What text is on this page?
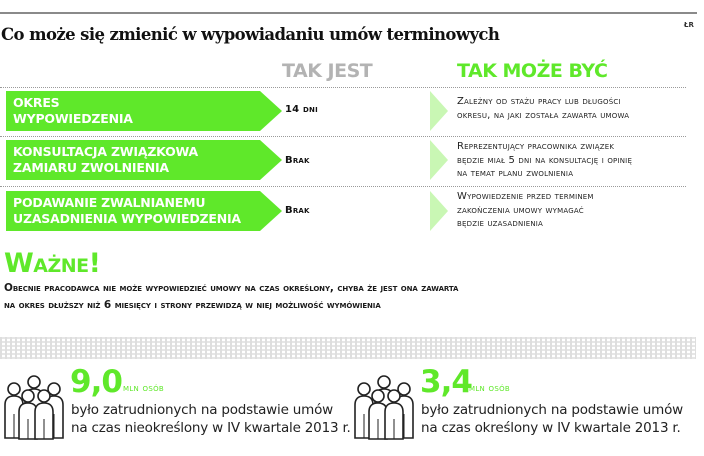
ŁR
Co może się zmienić w wypowiadaniu umów terminowych
TAK JEST	TAK MOŻE BYĆ
OKRES
WYPOWIEDZENIA
14 dni
Zależny od stażu pracy lub długości
okresu, na jaki została zawarta umowa
KONSULTACJA ZWIĄZKOWA
ZAMIARU ZWOLNIENIA	Brak
Reprezentujący pracownika związek
będzie miał 5 dni na konsultację i opinię
na temat planu zwolnienia
PODAWANIE ZWALNIANEMU
UZASADNIENIA WYPOWIEDZENIA
Brak
Wypowiedzenie przed terminem
zakończenia umowy wymagać
będzie uzasadnienia
Ważne!
Obecnie pracodawca nie może wypowiedzieć umowy na czas określony, chyba że jest ona zawarta
na okres dłuższy niż 6 miesięcy i strony przewidzą w niej możliwość wymówienia
9,0 mln osób
było zatrudnionych na podstawie umów
na czas nieokreślony w IV kwartale 2013 r.
3,4
mln osób
było zatrudnionych na podstawie umów
na czas określony w IV kwartale 2013 r.
